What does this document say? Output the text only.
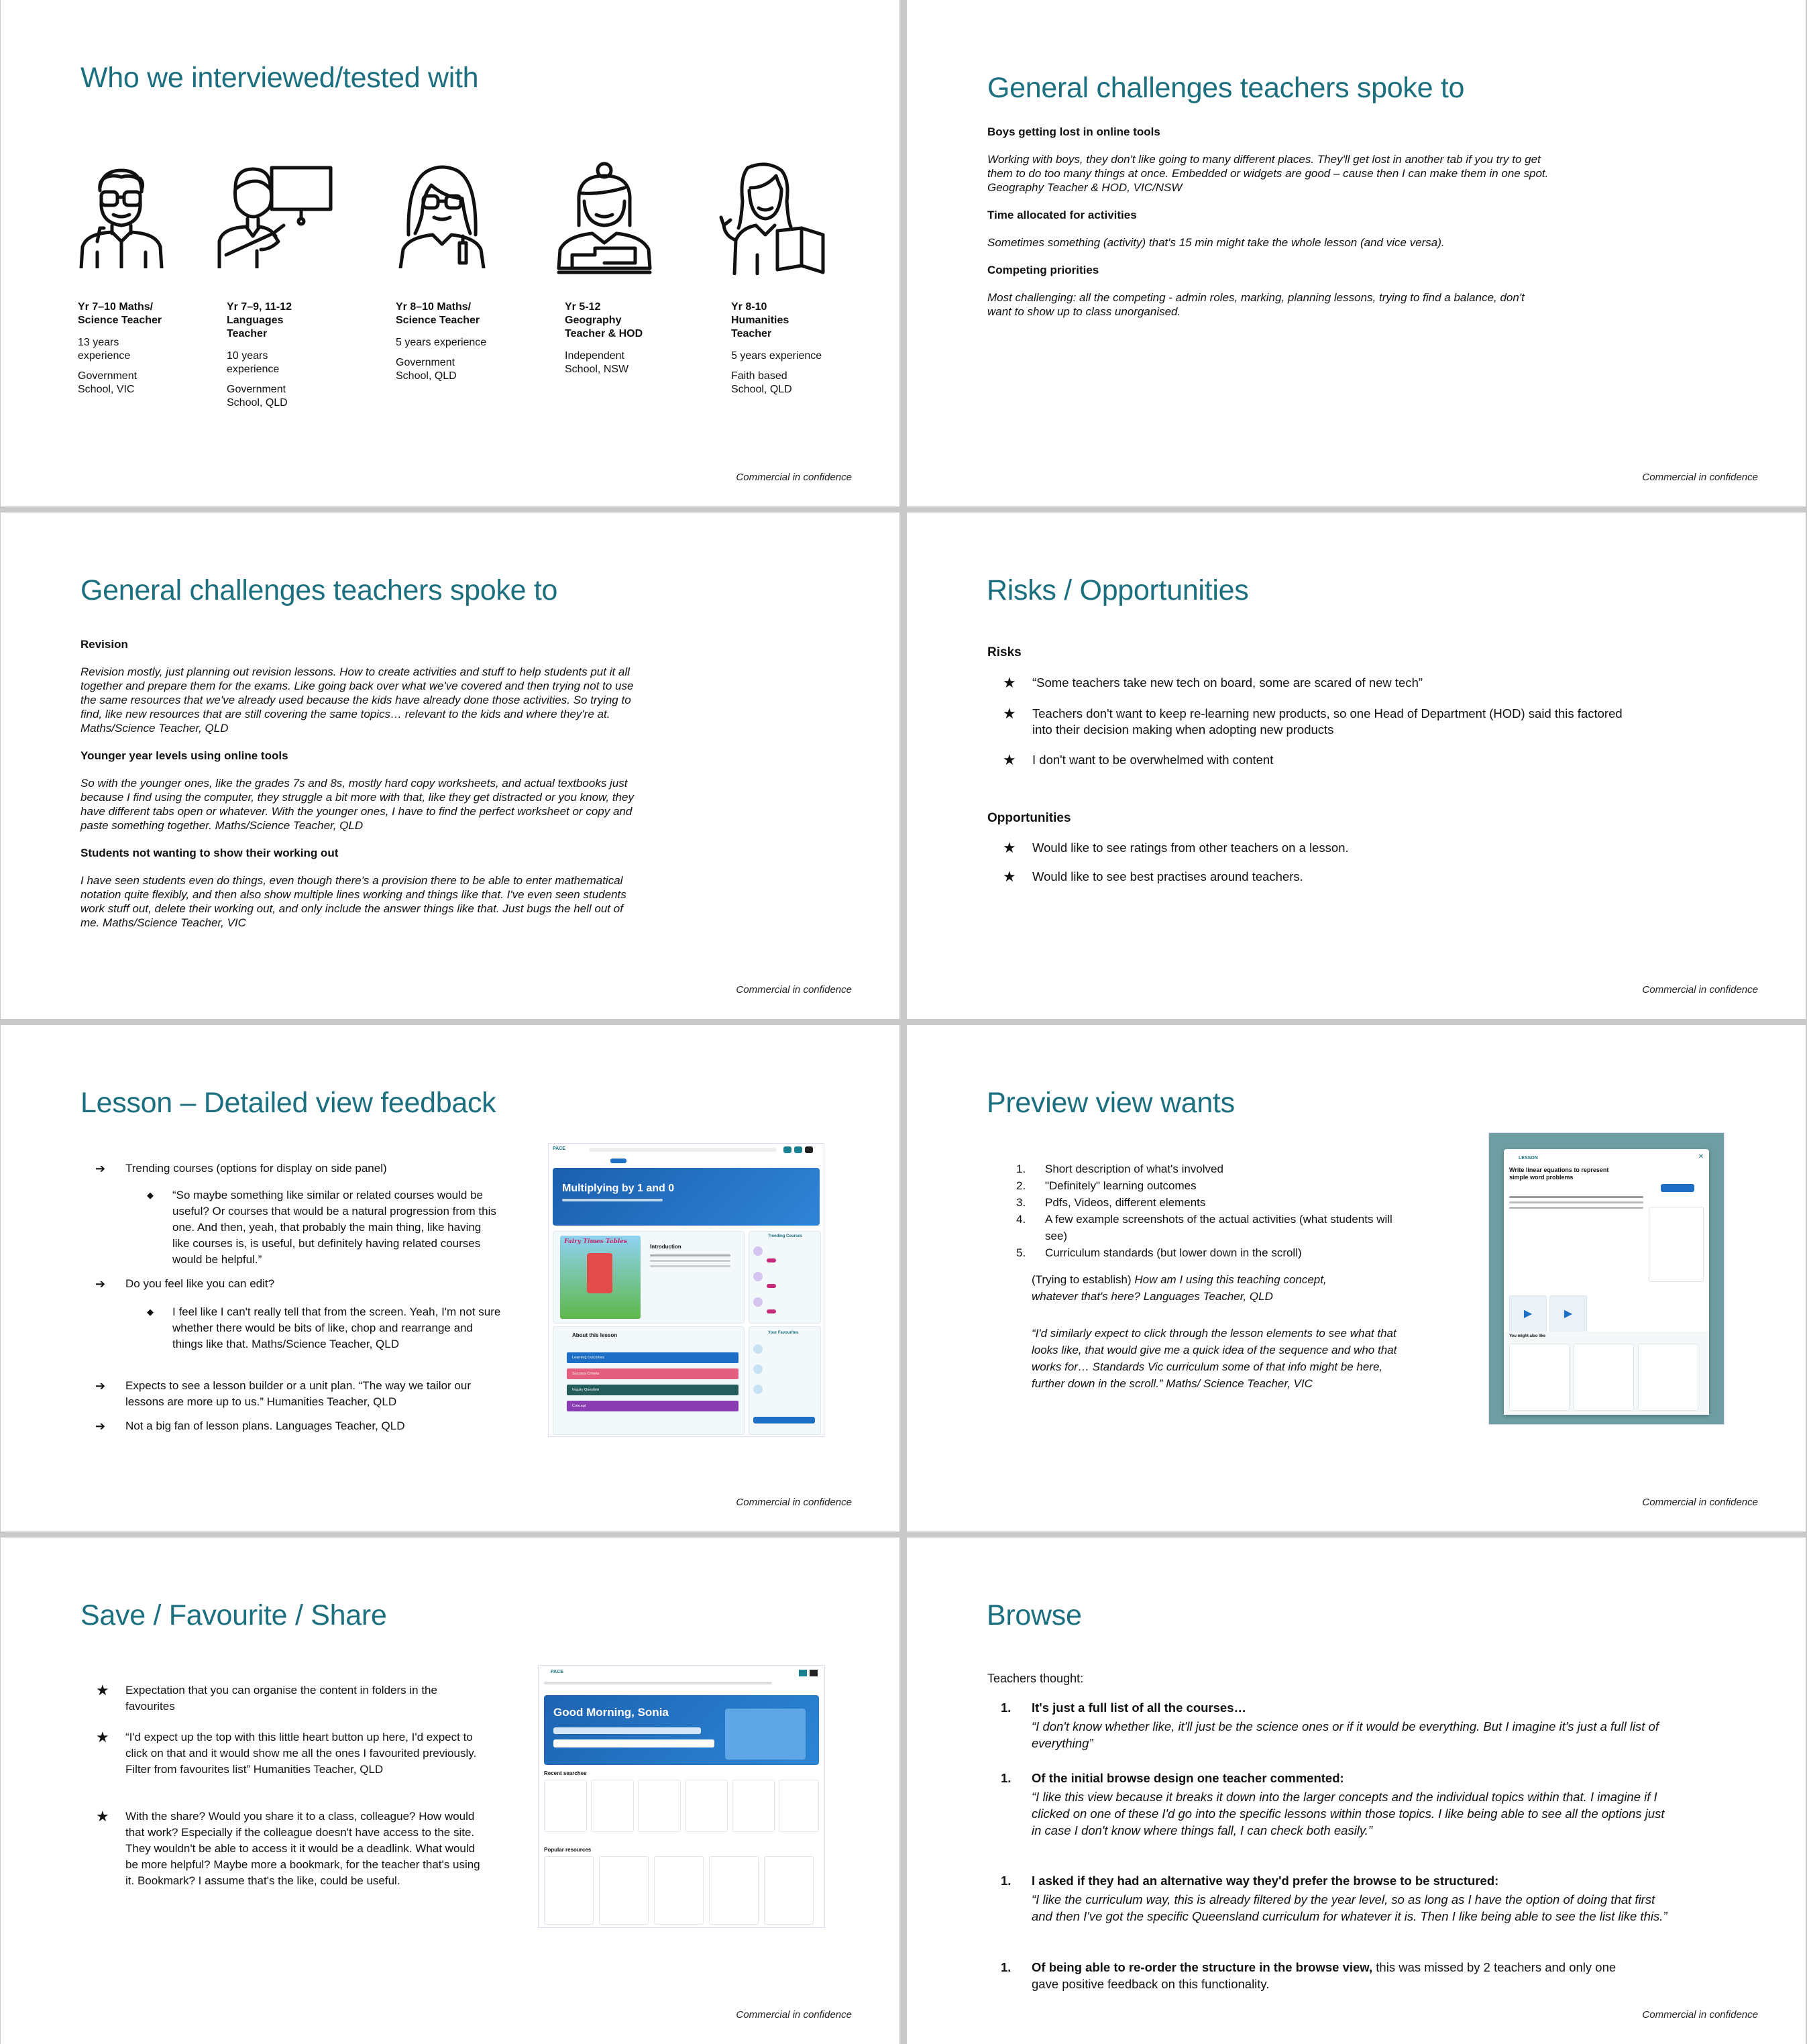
Who we interviewed/tested with
Yr 7–10 Maths/ Science Teacher
13 years experience
Government School, VIC
Yr 7–9, 11-12 Languages Teacher
10 years experience
Government School, QLD
Yr 8–10 Maths/ Science Teacher
5 years experience
Government School, QLD
Yr 5-12 Geography Teacher & HOD
Independent School, NSW
Yr 8-10 Humanities Teacher
5 years experience
Faith based School, QLD
Commercial in confidence
General challenges teachers spoke to
Boys getting lost in online tools
Working with boys, they don't like going to many different places. They'll get lost in another tab if you try to get them to do too many things at once. Embedded or widgets are good – cause then I can make them in one spot. Geography Teacher & HOD, VIC/NSW
Time allocated for activities
Sometimes something (activity) that's 15 min might take the whole lesson (and vice versa).
Competing priorities
Most challenging: all the competing - admin roles, marking, planning lessons, trying to find a balance, don't want to show up to class unorganised.
Commercial in confidence
General challenges teachers spoke to
Revision
Revision mostly, just planning out revision lessons. How to create activities and stuff to help students put it all together and prepare them for the exams. Like going back over what we've covered and then trying not to use the same resources that we've already used because the kids have already done those activities. So trying to find, like new resources that are still covering the same topics… relevant to the kids and where they're at. Maths/Science Teacher, QLD
Younger year levels using online tools
So with the younger ones, like the grades 7s and 8s, mostly hard copy worksheets, and actual textbooks just because I find using the computer, they struggle a bit more with that, like they get distracted or you know, they have different tabs open or whatever. With the younger ones, I have to find the perfect worksheet or copy and paste something together. Maths/Science Teacher, QLD
Students not wanting to show their working out
I have seen students even do things, even though there's a provision there to be able to enter mathematical notation quite flexibly, and then also show multiple lines working and things like that. I've even seen students work stuff out, delete their working out, and only include the answer things like that. Just bugs the hell out of me. Maths/Science Teacher, VIC
Commercial in confidence
Risks / Opportunities
Risks
★ “Some teachers take new tech on board, some are scared of new tech”
★ Teachers don't want to keep re-learning new products, so one Head of Department (HOD) said this factored into their decision making when adopting new products
★ I don't want to be overwhelmed with content
Opportunities
★ Would like to see ratings from other teachers on a lesson.
★ Would like to see best practises around teachers.
Commercial in confidence
Lesson – Detailed view feedback
➔ Trending courses (options for display on side panel)
◆ “So maybe something like similar or related courses would be useful? Or courses that would be a natural progression from this one. And then, yeah, that probably the main thing, like having like courses is, is useful, but definitely having related courses would be helpful.”
➔ Do you feel like you can edit?
◆ I feel like I can't really tell that from the screen. Yeah, I'm not sure whether there would be bits of like, chop and rearrange and things like that. Maths/Science Teacher, QLD
➔ Expects to see a lesson builder or a unit plan. “The way we tailor our lessons are more up to us.” Humanities Teacher, QLD
➔ Not a big fan of lesson plans. Languages Teacher, QLD
PACE
Multiplying by 1 and 0
Fairy Times Tables
Introduction
Trending Courses
About this lesson
Learning Outcomes
Success Criteria
Inquiry Question
Concept
Your Favourites
Commercial in confidence
Preview view wants
1. Short description of what's involved
2. "Definitely" learning outcomes
3. Pdfs, Videos, different elements
4. A few example screenshots of the actual activities (what students will see)
5. Curriculum standards (but lower down in the scroll)
(Trying to establish) How am I using this teaching concept, whatever that's here? Languages Teacher, QLD
“I'd similarly expect to click through the lesson elements to see what that looks like, that would give me a quick idea of the sequence and who that works for… Standards Vic curriculum some of that info might be here, further down in the scroll.” Maths/ Science Teacher, VIC
LESSON	✕
Write linear equations to represent simple word problems
▶	▶
You might also like
Commercial in confidence
Save / Favourite / Share
★ Expectation that you can organise the content in folders in the favourites
★ “I'd expect up the top with this little heart button up here, I'd expect to click on that and it would show me all the ones I favourited previously. Filter from favourites list” Humanities Teacher, QLD
★ With the share? Would you share it to a class, colleague? How would that work? Especially if the colleague doesn't have access to the site. They wouldn't be able to access it it would be a deadlink. What would be more helpful? Maybe more a bookmark, for the teacher that's using it. Bookmark? I assume that's the like, could be useful.
PACE
Good Morning, Sonia
Recent searches
Popular resources
Commercial in confidence
Browse
Teachers thought:
1. It's just a full list of all the courses…
“I don't know whether like, it'll just be the science ones or if it would be everything. But I imagine it's just a full list of everything”
1. Of the initial browse design one teacher commented:
“I like this view because it breaks it down into the larger concepts and the individual topics within that. I imagine if I clicked on one of these I'd go into the specific lessons within those topics. I like being able to see all the options just in case I don't know where things fall, I can check both easily.”
1. I asked if they had an alternative way they'd prefer the browse to be structured:
“I like the curriculum way, this is already filtered by the year level, so as long as I have the option of doing that first and then I've got the specific Queensland curriculum for whatever it is. Then I like being able to see the list like this.”
1. Of being able to re-order the structure in the browse view, this was missed by 2 teachers and only one gave positive feedback on this functionality.
Commercial in confidence
